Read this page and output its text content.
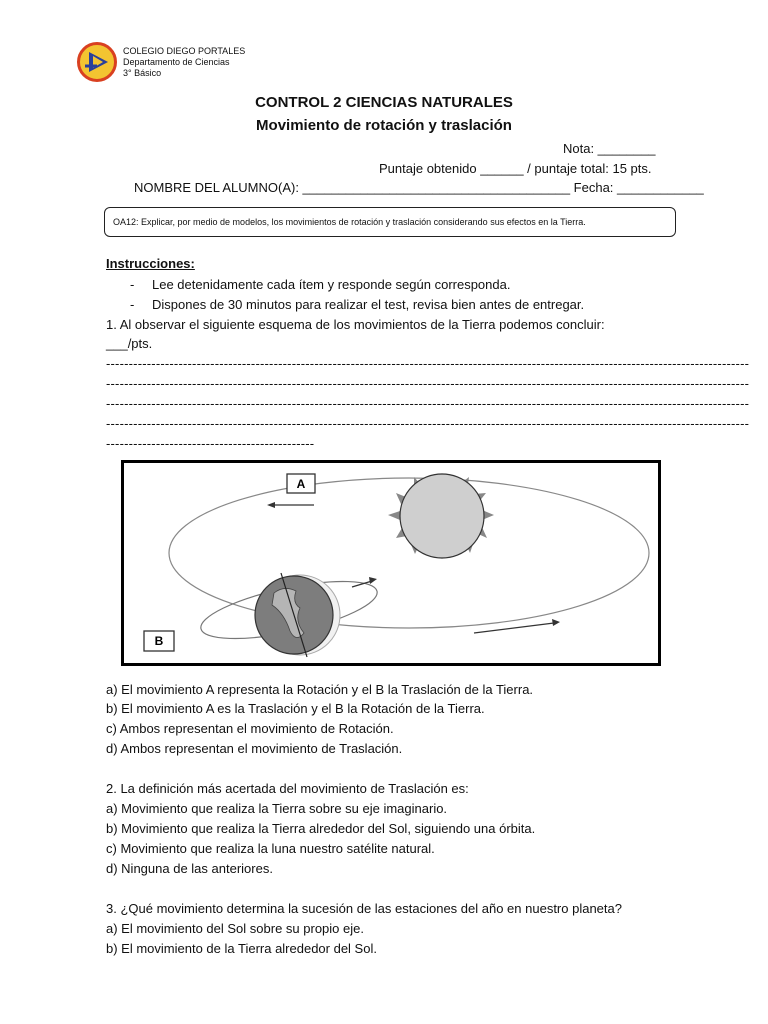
COLEGIO DIEGO PORTALES
Departamento de Ciencias
3° Básico
CONTROL 2 CIENCIAS NATURALES
Movimiento de rotación y traslación
Nota: ________
Puntaje obtenido ______ / puntaje total: 15 pts.
NOMBRE DEL ALUMNO(A): _____________________________________ Fecha: ____________
OA12: Explicar, por medio de modelos, los movimientos de rotación y traslación considerando sus efectos en la Tierra.
Instrucciones:
- Lee detenidamente cada ítem y responde según corresponda.
- Dispones de 30 minutos para realizar el test, revisa bien antes de entregar.
1. Al observar el siguiente esquema de los movimientos de la Tierra podemos concluir:
___/pts.
----------------------------------------------------------------------------------------------------------------------------------------------
----------------------------------------------------------------------------------------------------------------------------------------------
----------------------------------------------------------------------------------------------------------------------------------------------
----------------------------------------------------------------------------------------------------------------------------------------------
----------------------------------------------
A
B
a) El movimiento A representa la Rotación y el B la Traslación de la Tierra.
b) El movimiento A es la Traslación y el B la Rotación de la Tierra.
c) Ambos representan el movimiento de Rotación.
d) Ambos representan el movimiento de Traslación.
2. La definición más acertada del movimiento de Traslación es:
a) Movimiento que realiza la Tierra sobre su eje imaginario.
b) Movimiento que realiza la Tierra alrededor del Sol, siguiendo una órbita.
c) Movimiento que realiza la luna nuestro satélite natural.
d) Ninguna de las anteriores.
3. ¿Qué movimiento determina la sucesión de las estaciones del año en nuestro planeta?
a) El movimiento del Sol sobre su propio eje.
b) El movimiento de la Tierra alrededor del Sol.
